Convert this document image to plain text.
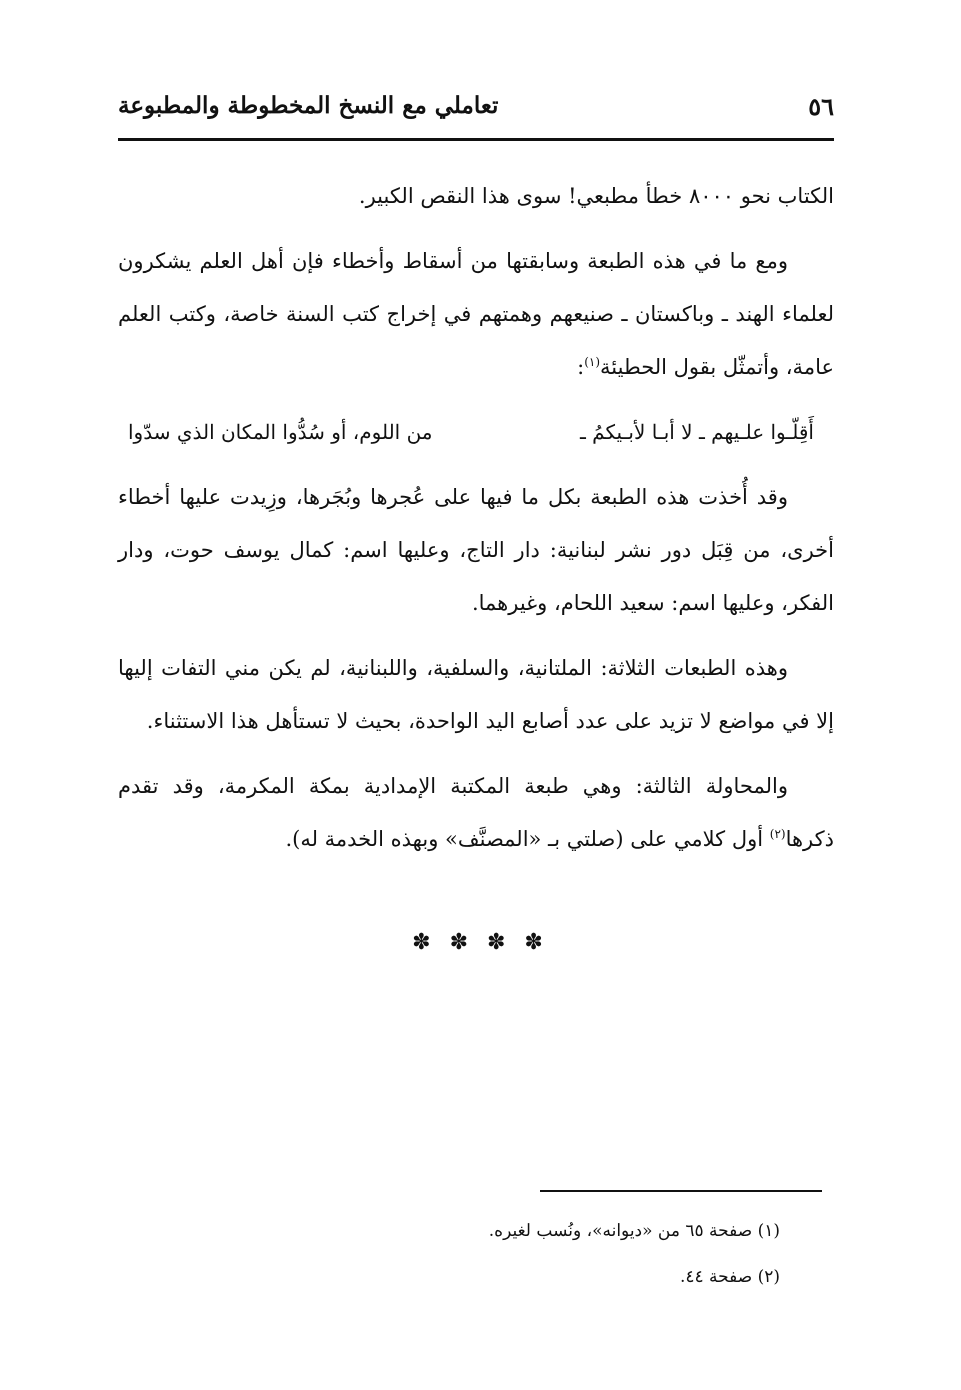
٥٦
تعاملي مع النسخ المخطوطة والمطبوعة

الكتاب نحو ٨٠٠٠ خطأ مطبعي! سوى هذا النقص الكبير.

ومع ما في هذه الطبعة وسابقتها من أسقاط وأخطاء فإن أهل العلم يشكرون لعلماء الهند ـ وباكستان ـ صنيعهم وهمتهم في إخراج كتب السنة خاصة، وكتب العلم عامة، وأتمثّل بقول الحطيئة$^{(١)}$:

أَقِلّـوا علـيهم ـ لا أبـا لأبـيكمُ ـ
من اللوم، أو سُدُّوا المكان الذي سدّوا

وقد أُخذت هذه الطبعة بكل ما فيها على عُجرها وبُجَرها، وزِيدت عليها أخطاء أخرى، من قِبَل دور نشر لبنانية: دار التاج، وعليها اسم: كمال يوسف حوت، ودار الفكر، وعليها اسم: سعيد اللحام، وغيرهما.

وهذه الطبعات الثلاثة: الملتانية، والسلفية، واللبنانية، لم يكن مني التفات إليها إلا في مواضع لا تزيد على عدد أصابع اليد الواحدة، بحيث لا تستأهل هذا الاستثناء.

والمحاولة الثالثة: وهي طبعة المكتبة الإمدادية بمكة المكرمة، وقد تقدم ذكرها$^{(٢)}$ أول كلامي على (صلتي بـ «المصنَّف» وبهذه الخدمة له).

✽ ✽ ✽ ✽

(١) صفحة ٦٥ من «ديوانه»، ونُسب لغيره.

(٢) صفحة ٤٤.
